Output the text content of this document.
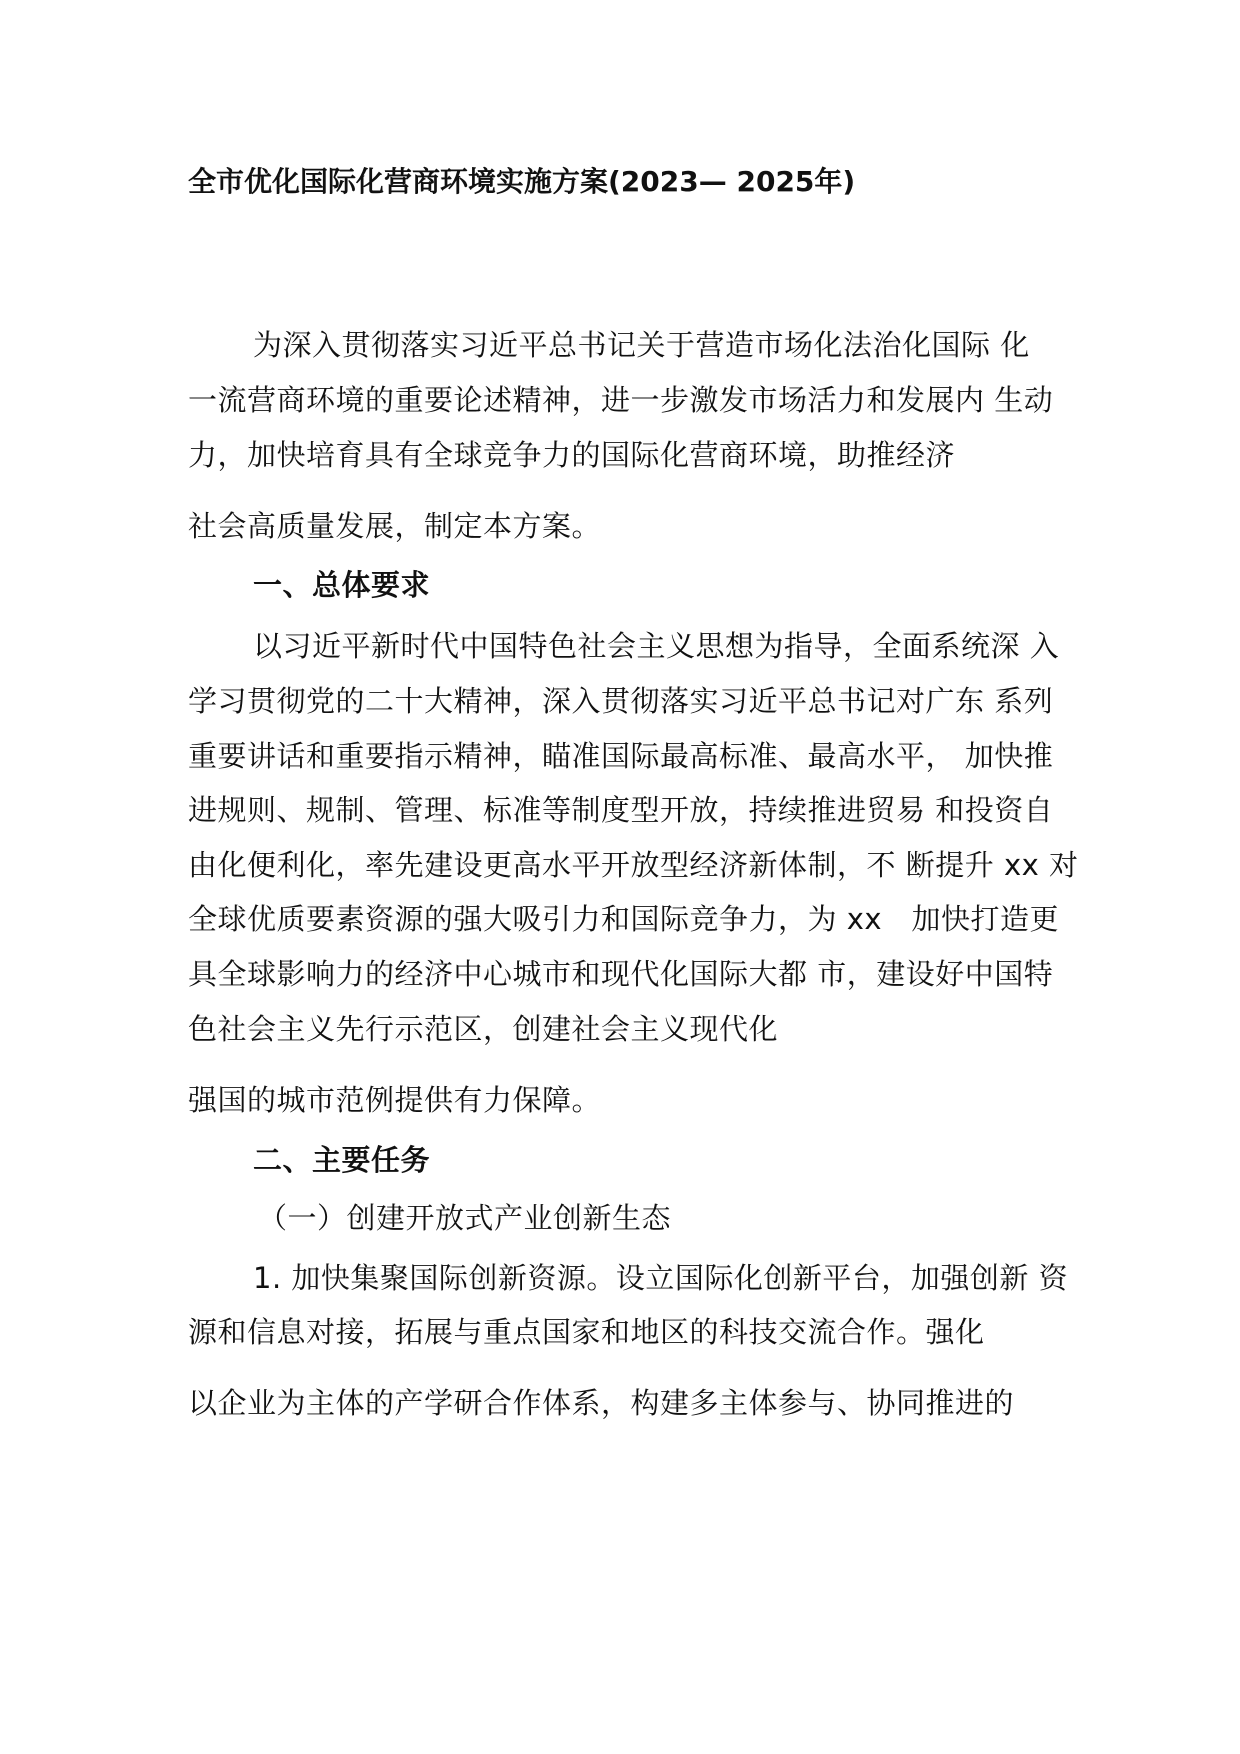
全市优化国际化营商环境实施方案(2023— 2025年)
为深入贯彻落实习近平总书记关于营造市场化法治化国际 化
一流营商环境的重要论述精神，进一步激发市场活力和发展内 生动
力，加快培育具有全球竞争力的国际化营商环境，助推经济
社会高质量发展，制定本方案。
一、总体要求
以习近平新时代中国特色社会主义思想为指导，全面系统深 入
学习贯彻党的二十大精神，深入贯彻落实习近平总书记对广东 系列
重要讲话和重要指示精神，瞄准国际最高标准、最高水平， 加快推
进规则、规制、管理、标准等制度型开放，持续推进贸易 和投资自
由化便利化，率先建设更高水平开放型经济新体制，不 断提升 xx 对
全球优质要素资源的强大吸引力和国际竞争力，为 xx　加快打造更
具全球影响力的经济中心城市和现代化国际大都 市，建设好中国特
色社会主义先行示范区，创建社会主义现代化
强国的城市范例提供有力保障。
二、主要任务
（一）创建开放式产业创新生态
1. 加快集聚国际创新资源。设立国际化创新平台，加强创新 资
源和信息对接，拓展与重点国家和地区的科技交流合作。强化
以企业为主体的产学研合作体系，构建多主体参与、协同推进的
